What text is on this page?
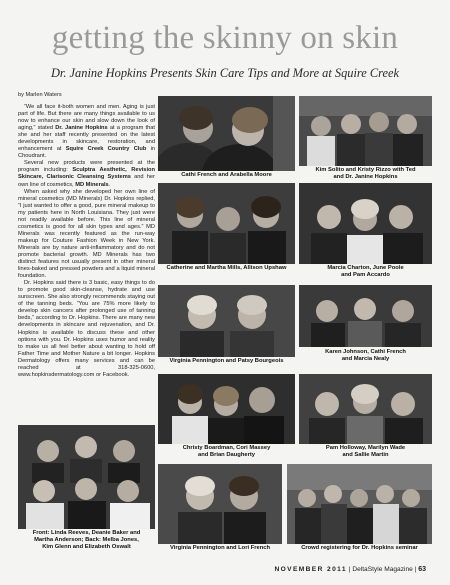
getting the skinny on skin
Dr. Janine Hopkins Presents Skin Care Tips and More at Squire Creek
by Marlen Waters

“We all face it-both women and men. Aging is just part of life. But there are many things available to us now to enhance our skin and slow down the look of aging,” stated Dr. Janine Hopkins at a program that she and her staff recently presented on the latest developments in skincare, restoration, and enhancement at Squire Creek Country Club in Choudrant.

Several new products were presented at the program including: Sculptra Aesthetic, Revision Skincare, Clarisonic Cleansing Systems and her own line of cosmetics, MD Minerals.

When asked why she developed her own line of mineral cosmetics (MD Minerals) Dr. Hopkins replied, “I just wanted to offer a good, pure mineral makeup to my patients here in North Louisiana. They just were not readily available before. This line of mineral cosmetics is good for all skin types and ages.” MD Minerals was recently featured as the run-way makeup for Couture Fashion Week in New York. Minerals are by nature anti-inflammatory and do not promote bacterial growth. MD Minerals has two distinct features not usually present in other mineral lines-baked and pressed powders and a liquid mineral foundation.

Dr. Hopkins said there is 3 basic, easy things to do to promote good skin-cleanse, hydrate and use sunscreen. She also strongly recommends staying out of the tanning beds. “You are 75% more likely to develop skin cancers after prolonged use of tanning beds,” according to Dr. Hopkins. There are many new developments in skincare and rejuvenation, and Dr. Hopkins is available to discuss these and other options with you. Dr. Hopkins uses humor and reality to make us all feel better about wanting to hold off Father Time and Mother Nature a bit longer. Hopkins Dermatology offers many services and can be reached at 318-325-0600, www.hopkinsdermatology.com or Facebook.

Cathi French and Arabella Moore
Kim Solito and Kristy Rizzo with Ted
and Dr. Janine Hopkins
Catherine and Martha Mills, Allison Upshaw	Marcia Charton, June Poole
and Pam Accardo
Virginia Pennington and Patsy Bourgeois
Karen Johnson, Cathi French
and Marcia Nealy
Christy Boardman, Cori Massey
and Brian Daugherty
Pam Holloway, Marilyn Wade
and Sallie Martin
Front: Linda Reeves, Deanie Baker and
Martha Anderson; Back: Melba Jones,
Kim Glenn and Elizabeth Oswalt	Virginia Pennington and Lori French	Crowd registering for Dr. Hopkins seminar
NOVEMBER 2011 | DeltaStyle Magazine | 63
